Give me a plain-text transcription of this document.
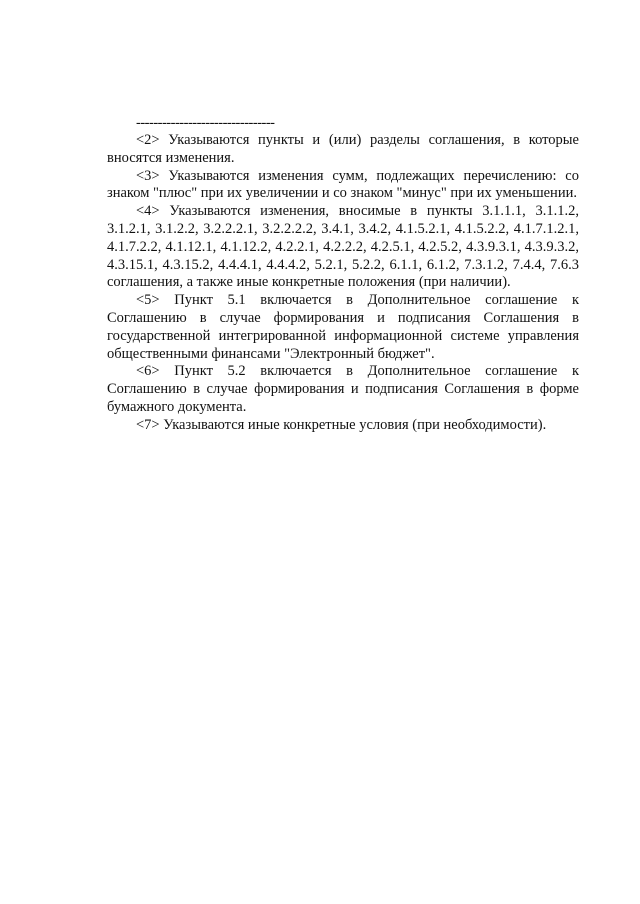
--------------------------------

<2> Указываются пункты и (или) разделы соглашения, в которые вносятся изменения.

<3> Указываются изменения сумм, подлежащих перечислению: со знаком "плюс" при их увеличении и со знаком "минус" при их уменьшении.

<4> Указываются изменения, вносимые в пункты 3.1.1.1, 3.1.1.2, 3.1.2.1, 3.1.2.2, 3.2.2.2.1, 3.2.2.2.2, 3.4.1, 3.4.2, 4.1.5.2.1, 4.1.5.2.2, 4.1.7.1.2.1, 4.1.7.2.2, 4.1.12.1, 4.1.12.2, 4.2.2.1, 4.2.2.2, 4.2.5.1, 4.2.5.2, 4.3.9.3.1, 4.3.9.3.2, 4.3.15.1, 4.3.15.2, 4.4.4.1, 4.4.4.2, 5.2.1, 5.2.2, 6.1.1, 6.1.2, 7.3.1.2, 7.4.4, 7.6.3 соглашения, а также иные конкретные положения (при наличии).

<5> Пункт 5.1 включается в Дополнительное соглашение к Соглашению в случае формирования и подписания Соглашения в государственной интегрированной информационной системе управления общественными финансами "Электронный бюджет".

<6> Пункт 5.2 включается в Дополнительное соглашение к Соглашению в случае формирования и подписания Соглашения в форме бумажного документа.

<7> Указываются иные конкретные условия (при необходимости).
